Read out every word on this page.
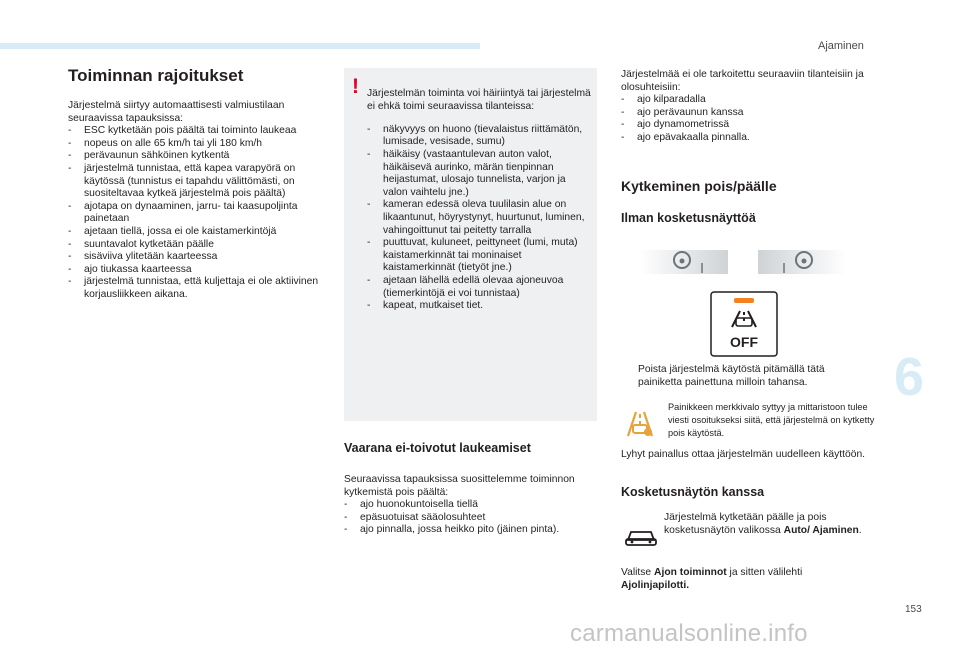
Ajaminen
6
153
carmanualsonline.info
Toiminnan rajoitukset

Järjestelmä siirtyy automaattisesti valmiustilaan seuraavissa tapauksissa:

- ESC kytketään pois päältä tai toiminto laukeaa
- nopeus on alle 65 km/h tai yli 180 km/h
- perävaunun sähköinen kytkentä
- järjestelmä tunnistaa, että kapea varapyörä on käytössä (tunnistus ei tapahdu välittömästi, on suositeltavaa kytkeä järjestelmä pois päältä)
- ajotapa on dynaaminen, jarru- tai kaasupoljinta painetaan
- ajetaan tiellä, jossa ei ole kaistamerkintöjä
- suuntavalot kytketään päälle
- sisäviiva ylitetään kaarteessa
- ajo tiukassa kaarteessa
- järjestelmä tunnistaa, että kuljettaja ei ole aktiivinen korjausliikkeen aikana.
! Järjestelmän toiminta voi häiriintyä tai järjestelmä ei ehkä toimi seuraavissa tilanteissa:

- näkyvyys on huono (tievalaistus riittämätön, lumisade, vesisade, sumu)
- häikäisy (vastaantulevan auton valot, häikäisevä aurinko, märän tienpinnan heijastumat, ulosajo tunnelista, varjon ja valon vaihtelu jne.)
- kameran edessä oleva tuulilasin alue on likaantunut, höyrystynyt, huurtunut, luminen, vahingoittunut tai peitetty tarralla
- puuttuvat, kuluneet, peittyneet (lumi, muta) kaistamerkinnät tai moninaiset kaistamerkinnät (tietyöt jne.)
- ajetaan lähellä edellä olevaa ajoneuvoa (tiemerkintöjä ei voi tunnistaa)
- kapeat, mutkaiset tiet.
Vaarana ei-toivotut laukeamiset

Seuraavissa tapauksissa suosittelemme toiminnon kytkemistä pois päältä:

- ajo huonokuntoisella tiellä
- epäsuotuisat sääolosuhteet
- ajo pinnalla, jossa heikko pito (jäinen pinta).

Järjestelmää ei ole tarkoitettu seuraaviin tilanteisiin ja olosuhteisiin:

- ajo kilparadalla
- ajo perävaunun kanssa
- ajo dynamometrissä
- ajo epävakaalla pinnalla.
Kytkeminen pois/päälle
Ilman kosketusnäyttöä
OFF
Poista järjestelmä käytöstä pitämällä tätä painiketta painettuna milloin tahansa.
Painikkeen merkkivalo syttyy ja mittaristoon tulee viesti osoitukseksi siitä, että järjestelmä on kytketty pois käytöstä.

Lyhyt painallus ottaa järjestelmän uudelleen käyttöön.

Kosketusnäytön kanssa

Järjestelmä kytketään päälle ja pois kosketusnäytön valikossa Auto/ Ajaminen.

Valitse Ajon toiminnot ja sitten välilehti Ajolinjapilotti.
